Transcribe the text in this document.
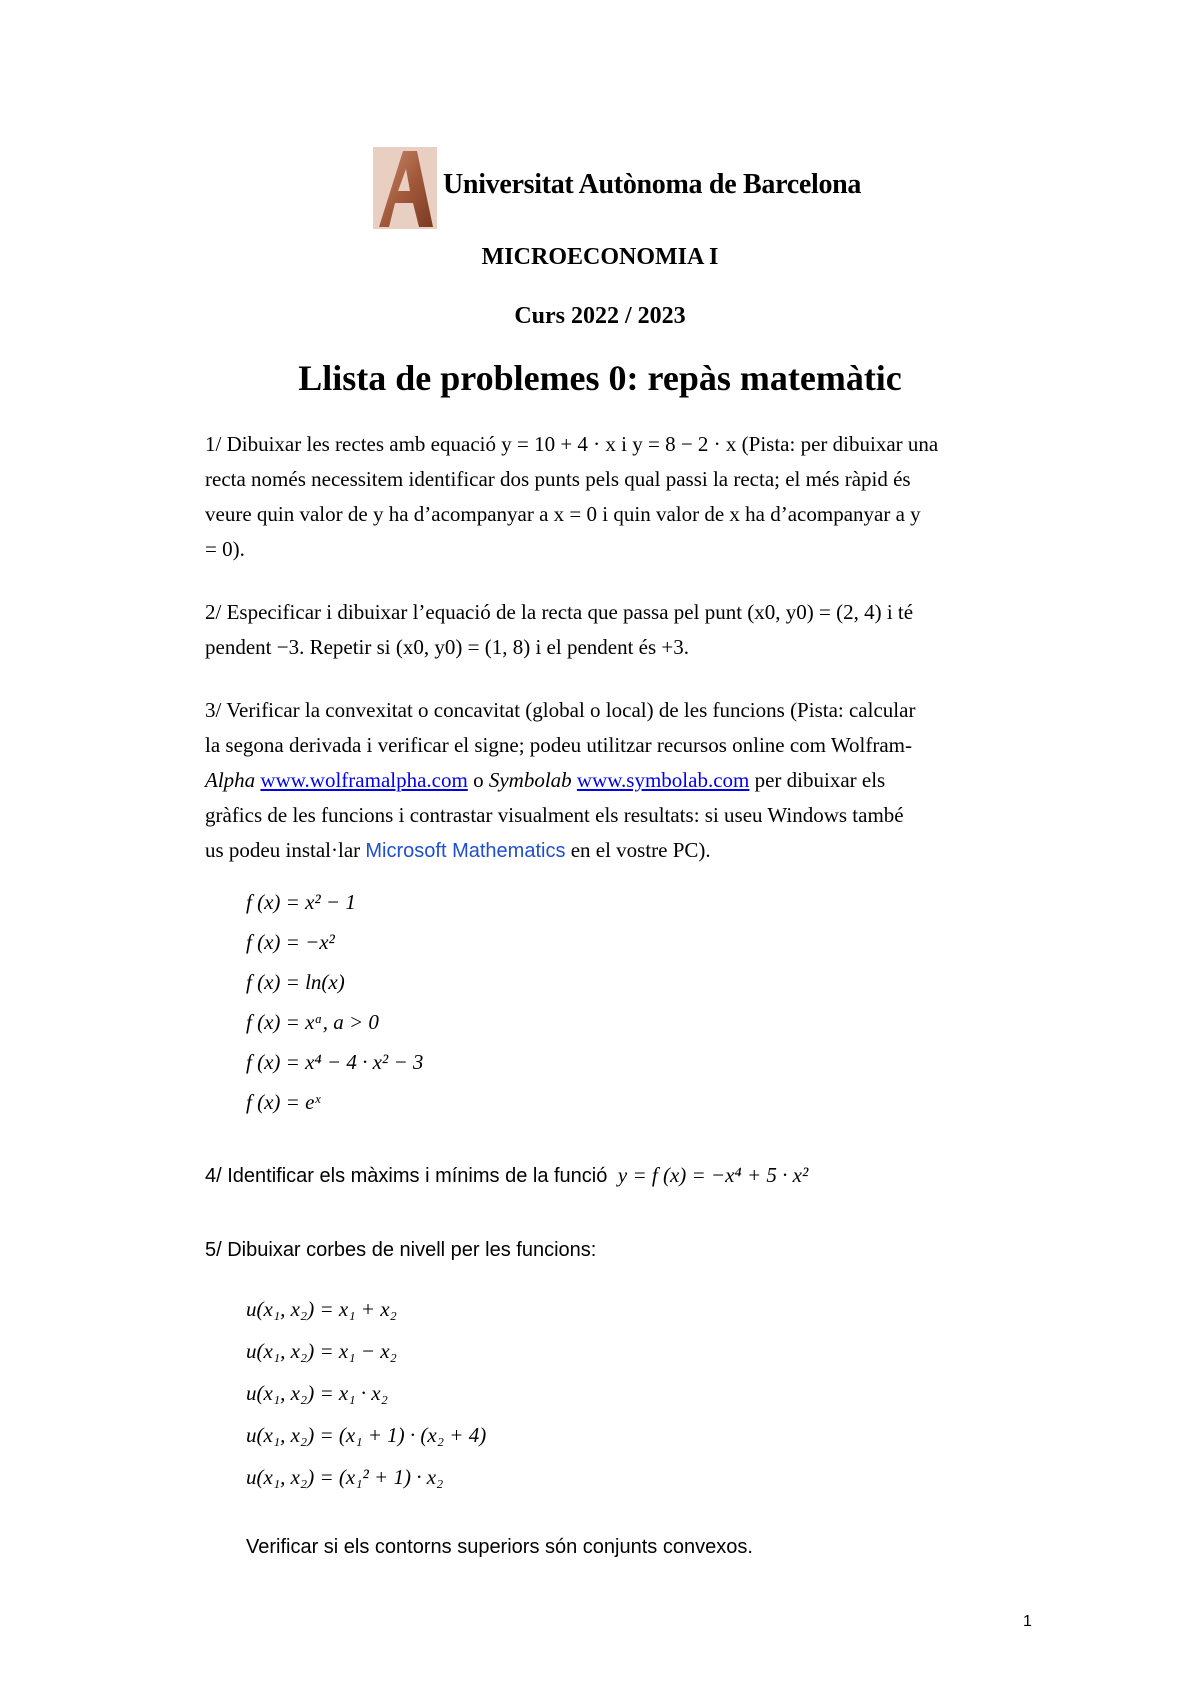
Universitat Autònoma de Barcelona
MICROECONOMIA I
Curs 2022 / 2023
Llista de problemes 0: repàs matemàtic
1/ Dibuixar les rectes amb equació y = 10 + 4 · x i y = 8 − 2 · x (Pista: per dibuixar una
recta només necessitem identificar dos punts pels qual passi la recta; el més ràpid és
veure quin valor de y ha d’acompanyar a x = 0 i quin valor de x ha d’acompanyar a y
= 0).
2/ Especificar i dibuixar l’equació de la recta que passa pel punt (x0, y0) = (2, 4) i té
pendent −3. Repetir si (x0, y0) = (1, 8) i el pendent és +3.
3/ Verificar la convexitat o concavitat (global o local) de les funcions (Pista: calcular
la segona derivada i verificar el signe; podeu utilitzar recursos online com Wolfram-
Alpha www.wolframalpha.com o Symbolab www.symbolab.com per dibuixar els
gràfics de les funcions i contrastar visualment els resultats: si useu Windows també
us podeu instal·lar Microsoft Mathematics en el vostre PC).
f (x) = x² − 1
f (x) = −x²
f (x) = ln(x)
f (x) = xᵅ, a > 0
f (x) = x⁴ − 4 · x² − 3
f (x) = eˣ
4/ Identificar els màxims i mínims de la funció y = f (x) = −x⁴ + 5 · x²
5/ Dibuixar corbes de nivell per les funcions:
u(x₁, x₂) = x₁ + x₂
u(x₁, x₂) = x₁ − x₂
u(x₁, x₂) = x₁ · x₂
u(x₁, x₂) = (x₁ + 1) · (x₂ + 4)
u(x₁, x₂) = (x₁² + 1) · x₂
Verificar si els contorns superiors són conjunts convexos.
1
